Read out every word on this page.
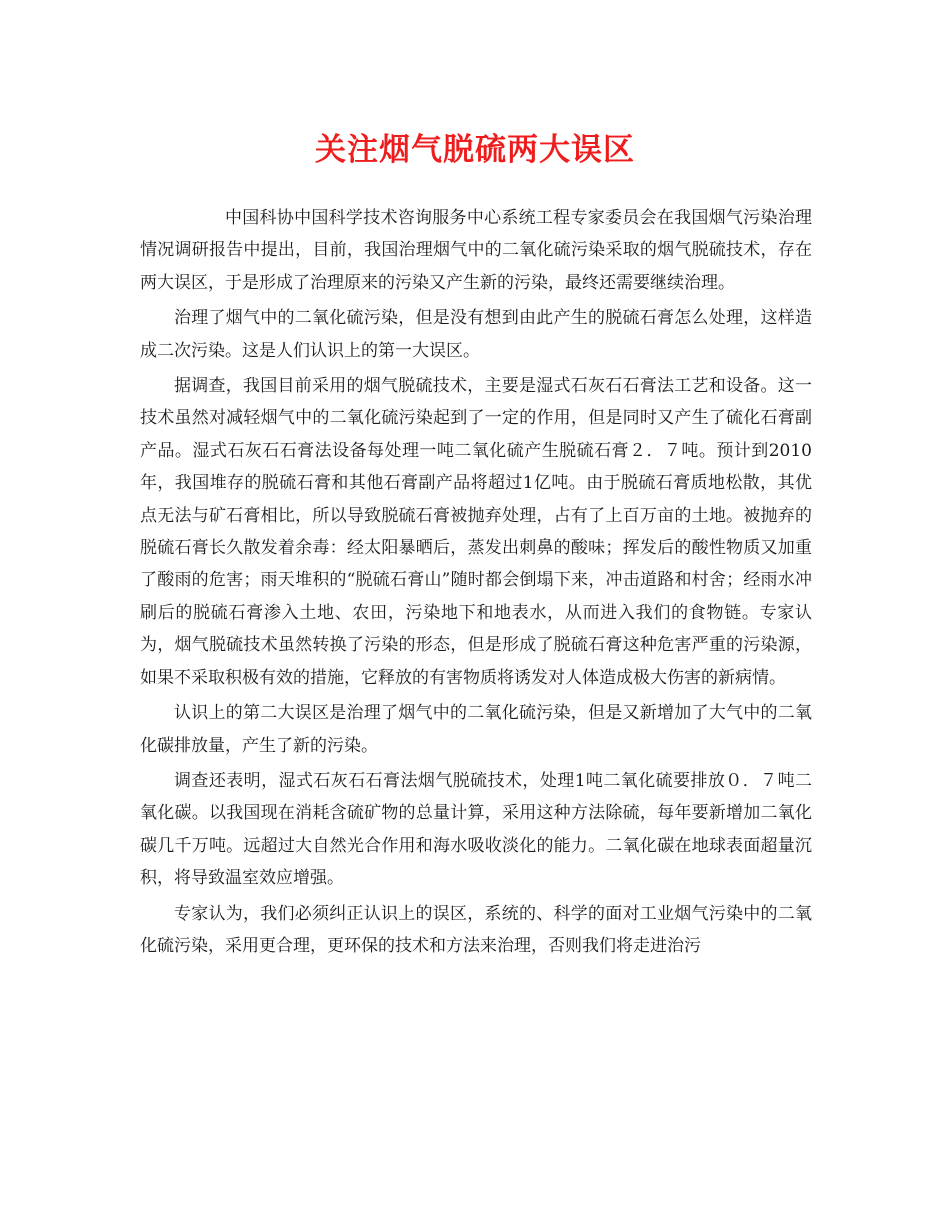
关注烟气脱硫两大误区

中国科协中国科学技术咨询服务中心系统工程专家委员会在我国烟气污染治理情况调研报告中提出，目前，我国治理烟气中的二氧化硫污染采取的烟气脱硫技术，存在两大误区，于是形成了治理原来的污染又产生新的污染，最终还需要继续治理。

治理了烟气中的二氧化硫污染，但是没有想到由此产生的脱硫石膏怎么处理，这样造成二次污染。这是人们认识上的第一大误区。

据调查，我国目前采用的烟气脱硫技术，主要是湿式石灰石石膏法工艺和设备。这一技术虽然对减轻烟气中的二氧化硫污染起到了一定的作用，但是同时又产生了硫化石膏副产品。湿式石灰石石膏法设备每处理一吨二氧化硫产生脱硫石膏２．７吨。预计到2010年，我国堆存的脱硫石膏和其他石膏副产品将超过1亿吨。由于脱硫石膏质地松散，其优点无法与矿石膏相比，所以导致脱硫石膏被抛弃处理，占有了上百万亩的土地。被抛弃的脱硫石膏长久散发着余毒：经太阳暴晒后，蒸发出刺鼻的酸味；挥发后的酸性物质又加重了酸雨的危害；雨天堆积的“脱硫石膏山”随时都会倒塌下来，冲击道路和村舍；经雨水冲刷后的脱硫石膏渗入土地、农田，污染地下和地表水，从而进入我们的食物链。专家认为，烟气脱硫技术虽然转换了污染的形态，但是形成了脱硫石膏这种危害严重的污染源，如果不采取积极有效的措施，它释放的有害物质将诱发对人体造成极大伤害的新病情。

认识上的第二大误区是治理了烟气中的二氧化硫污染，但是又新增加了大气中的二氧化碳排放量，产生了新的污染。

调查还表明，湿式石灰石石膏法烟气脱硫技术，处理1吨二氧化硫要排放０．７吨二氧化碳。以我国现在消耗含硫矿物的总量计算，采用这种方法除硫，每年要新增加二氧化碳几千万吨。远超过大自然光合作用和海水吸收淡化的能力。二氧化碳在地球表面超量沉积，将导致温室效应增强。

专家认为，我们必须纠正认识上的误区，系统的、科学的面对工业烟气污染中的二氧化硫污染，采用更合理，更环保的技术和方法来治理，否则我们将走进治污
